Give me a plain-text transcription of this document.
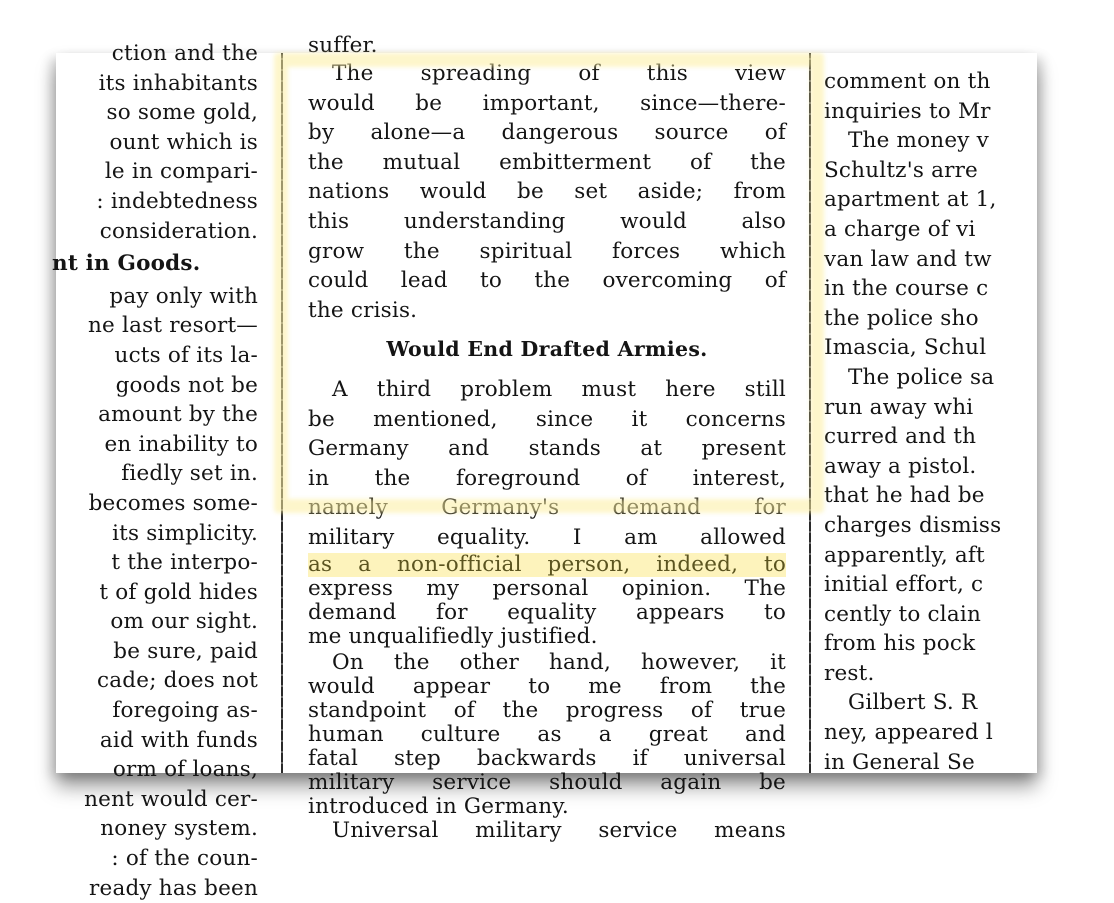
ction and the
its inhabitants
so some gold,
ount which is
le in compari-
: indebtedness
consideration.
nt in Goods.
pay only with
ne last resort—
ucts of its la-
goods not be
amount by the
en inability to
fiedly set in.
becomes some-
its simplicity.
t the interpo-
t of gold hides
om our sight.
be sure, paid
cade; does not
foregoing as-
aid with funds
orm of loans,
nent would cer-
noney system.
: of the coun-
ready has been
suffer.
The spreading of this view
would be important, since—there-
by alone—a dangerous source of
the mutual embitterment of the
nations would be set aside; from
this understanding would also
grow the spiritual forces which
could lead to the overcoming of
the crisis.
Would End Drafted Armies.
A third problem must here still
be mentioned, since it concerns
Germany and stands at present
in the foreground of interest,
namely Germany's demand for
military equality. I am allowed
as a non-official person, indeed, to
express my personal opinion. The
demand for equality appears to
me unqualifiedly justified.
On the other hand, however, it
would appear to me from the
standpoint of the progress of true
human culture as a great and
fatal step backwards if universal
military service should again be
introduced in Germany.
Universal military service means
comment on th
inquiries to Mr
The money v
Schultz's arre
apartment at 1,
a charge of vi
van law and tw
in the course c
the police sho
Imascia, Schul
The police sa
run away whi
curred and th
away a pistol.
that he had be
charges dismiss
apparently, aft
initial effort, c
cently to clain
from his pock
rest.
Gilbert S. R
ney, appeared l
in General Se
